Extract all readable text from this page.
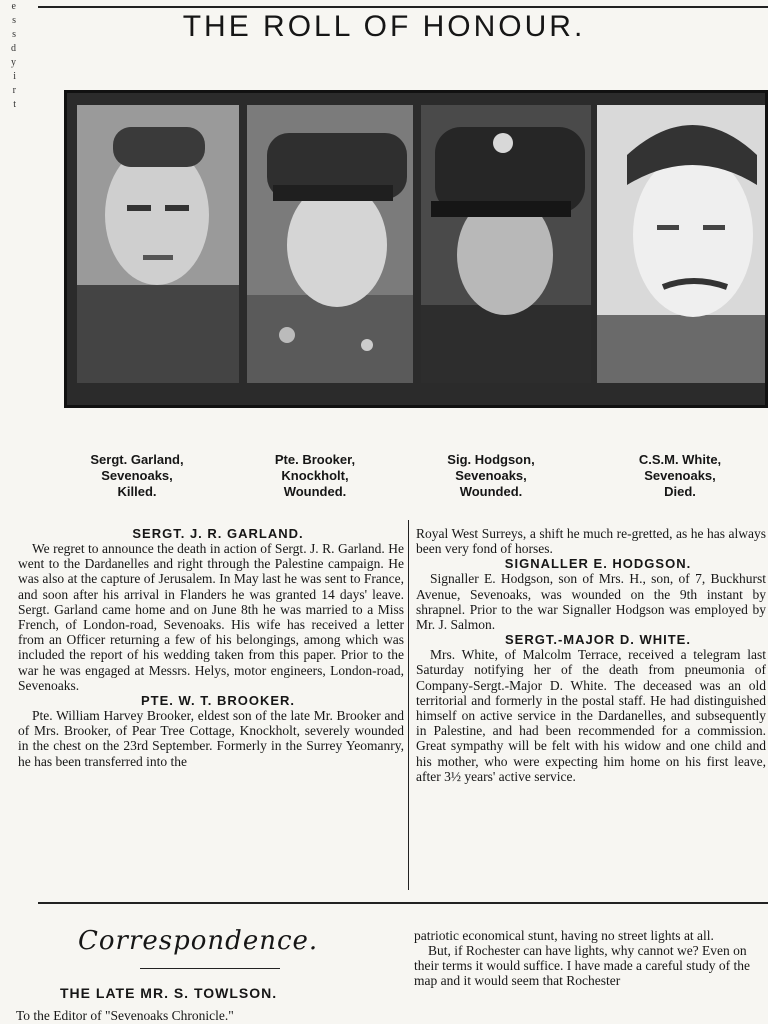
e
s
s
d
y
i
r
t
THE ROLL OF HONOUR.
Sergt. Garland,
Sevenoaks,
Killed.
Pte. Brooker,
Knockholt,
Wounded.
Sig. Hodgson,
Sevenoaks,
Wounded.
C.S.M. White,
Sevenoaks,
Died.

SERGT. J. R. GARLAND.

We regret to announce the death in action of Sergt. J. R. Garland. He went to the Dardanelles and right through the Palestine campaign. He was also at the capture of Jerusalem. In May last he was sent to France, and soon after his arrival in Flanders he was granted 14 days' leave. Sergt. Garland came home and on June 8th he was married to a Miss French, of London-road, Sevenoaks. His wife has received a letter from an Officer returning a few of his belongings, among which was included the report of his wedding taken from this paper. Prior to the war he was engaged at Messrs. Helys, motor engineers, London-road, Sevenoaks.

PTE. W. T. BROOKER.

Pte. William Harvey Brooker, eldest son of the late Mr. Brooker and of Mrs. Brooker, of Pear Tree Cottage, Knockholt, severely wounded in the chest on the 23rd September. Formerly in the Surrey Yeomanry, he has been transferred into the

Royal West Surreys, a shift he much re-gretted, as he has always been very fond of horses.

SIGNALLER E. HODGSON.

Signaller E. Hodgson, son of Mrs. H., son, of 7, Buckhurst Avenue, Sevenoaks, was wounded on the 9th instant by shrapnel. Prior to the war Signaller Hodgson was employed by Mr. J. Salmon.

SERGT.-MAJOR D. WHITE.

Mrs. White, of Malcolm Terrace, received a telegram last Saturday notifying her of the death from pneumonia of Company-Sergt.-Major D. White. The deceased was an old territorial and formerly in the postal staff. He had distinguished himself on active service in the Dardanelles, and subsequently in Palestine, and had been recommended for a commission. Great sympathy will be felt with his widow and one child and his mother, who were expecting him home on his first leave, after 3½ years' active service.

Correspondence.
THE LATE MR. S. TOWLSON.
To the Editor of "Sevenoaks Chronicle."

patriotic economical stunt, having no street lights at all.

But, if Rochester can have lights, why cannot we? Even on their terms it would suffice. I have made a careful study of the map and it would seem that Rochester
